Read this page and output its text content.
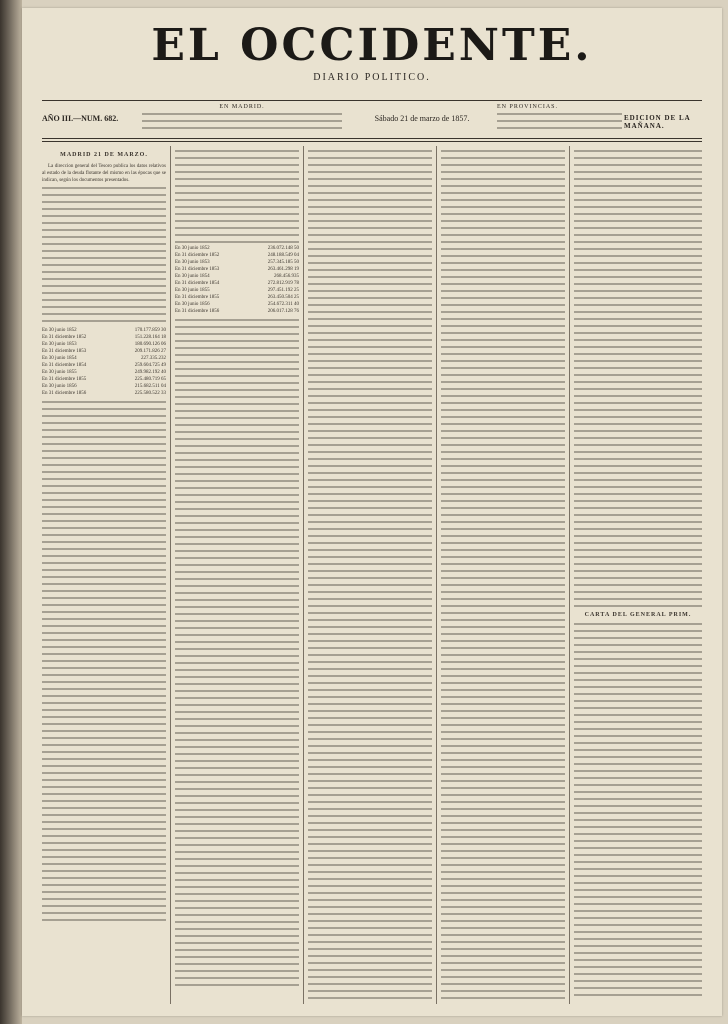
EL OCCIDENTE.
DIARIO POLITICO.
AÑO III.—NUM. 682.
EN MADRID.
Sábado 21 de marzo de 1857.
EN PROVINCIAS.
EDICION DE LA MAÑANA.
MADRID 21 DE MARZO.

La direccion general del Tesoro publica los datos relativos al estado de la deuda flotante del mismo en las épocas que se indican, según los documentos presentados.

En 30 junio 1852	170.177.859 30
En 31 diciembre 1852	151.228.164 18
En 30 junio 1853	180.690.126 06
En 31 diciembre 1853	209.171.826 27
En 30 junio 1854	227.335.232
En 31 diciembre 1854	259.604.725 49
En 30 junio 1855	249.982.192 40
En 31 diciembre 1855	225.480.719 65
En 30 junio 1856	215.682.511 04
En 31 diciembre 1856	225.580.522 33
En 30 junio 1852	236.072.148 50
En 31 diciembre 1852	248.188.549 04
En 30 junio 1853	257.345.185 50
En 31 diciembre 1853	263.461.298 19
En 30 junio 1854	268.456.935
En 31 diciembre 1854	272.812.919 78
En 30 junio 1855	297.451.192 25
En 31 diciembre 1855	263.450.504 25
En 30 junio 1856	254.672.311 40
En 31 diciembre 1856	206.017.128 76
CARTA DEL GENERAL PRIM.
